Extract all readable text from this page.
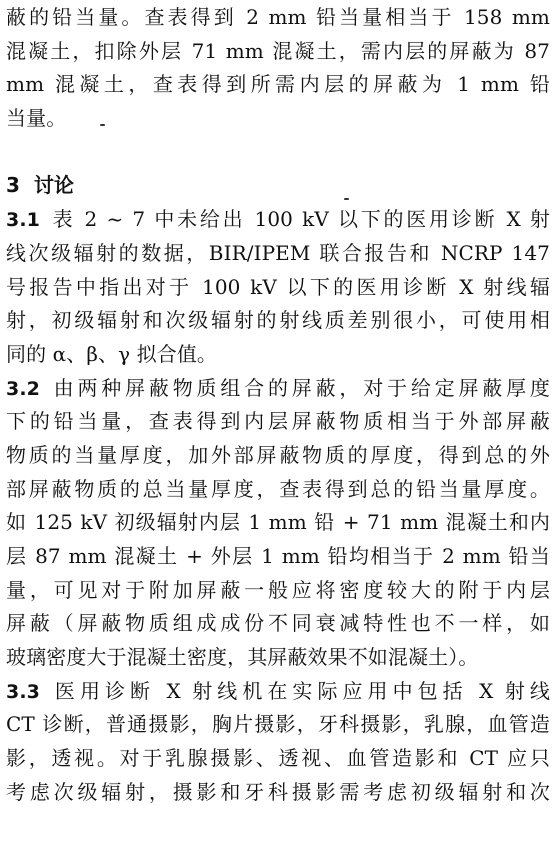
蔽的铅当量。查表得到 2 mm 铅当量相当于 158 mm
混凝土，扣除外层 71 mm 混凝土，需内层的屏蔽为 87
mm 混凝土，查表得到所需内层的屏蔽为 1 mm 铅
当量。
3 讨论
3.1 表 2 ~ 7 中未给出 100 kV 以下的医用诊断 X 射
线次级辐射的数据，BIR/IPEM 联合报告和 NCRP 147
号报告中指出对于 100 kV 以下的医用诊断 X 射线辐
射，初级辐射和次级辐射的射线质差别很小，可使用相
同的 α、β、γ 拟合值。
3.2 由两种屏蔽物质组合的屏蔽，对于给定屏蔽厚度
下的铅当量，查表得到内层屏蔽物质相当于外部屏蔽
物质的当量厚度，加外部屏蔽物质的厚度，得到总的外
部屏蔽物质的总当量厚度，查表得到总的铅当量厚度。
如 125 kV 初级辐射内层 1 mm 铅 + 71 mm 混凝土和内
层 87 mm 混凝土 + 外层 1 mm 铅均相当于 2 mm 铅当
量，可见对于附加屏蔽一般应将密度较大的附于内层
屏蔽（屏蔽物质组成成份不同衰减特性也不一样，如
玻璃密度大于混凝土密度，其屏蔽效果不如混凝土）。
3.3 医用诊断 X 射线机在实际应用中包括 X 射线
CT 诊断，普通摄影，胸片摄影，牙科摄影，乳腺，血管造
影，透视。对于乳腺摄影、透视、血管造影和 CT 应只
考虑次级辐射，摄影和牙科摄影需考虑初级辐射和次
